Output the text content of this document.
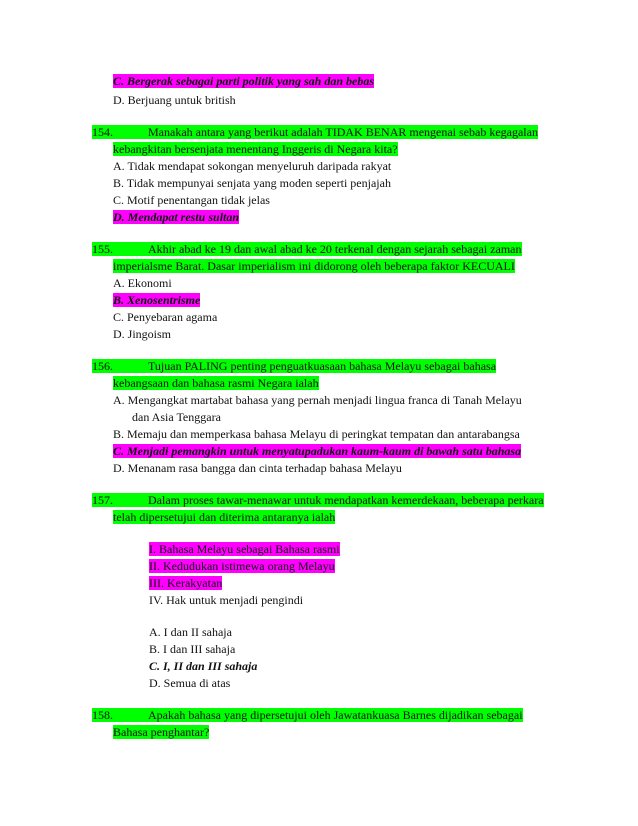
C. Bergerak sebagai parti politik yang sah dan bebas
D. Berjuang untuk british
154.	Manakah antara yang berikut adalah TIDAK BENAR mengenai sebab kegagalan
kebangkitan bersenjata menentang Inggeris di Negara kita?
A. Tidak mendapat sokongan menyeluruh daripada rakyat
B. Tidak mempunyai senjata yang moden seperti penjajah
C. Motif penentangan tidak jelas
D. Mendapat restu sultan
155.	Akhir abad ke 19 dan awal abad ke 20 terkenal dengan sejarah sebagai zaman
imperialsme Barat. Dasar imperialism ini didorong oleh beberapa faktor KECUALI
A. Ekonomi
B. Xenosentrisme
C. Penyebaran agama
D. Jingoism
156.	Tujuan PALING penting penguatkuasaan bahasa Melayu sebagai bahasa
kebangsaan dan bahasa rasmi Negara ialah
A. Mengangkat martabat bahasa yang pernah menjadi lingua franca di Tanah Melayu
dan Asia Tenggara
B. Memaju dan memperkasa bahasa Melayu di peringkat tempatan dan antarabangsa
C. Menjadi pemangkin untuk menyatupadukan kaum-kaum di bawah satu bahasa
D. Menanam rasa bangga dan cinta terhadap bahasa Melayu
157.	Dalam proses tawar-menawar untuk mendapatkan kemerdekaan, beberapa perkara
telah dipersetujui dan diterima antaranya ialah
I. Bahasa Melayu sebagai Bahasa rasmi
II. Kedudukan istimewa orang Melayu
III. Kerakyatan
IV. Hak untuk menjadi pengindi
A. I dan II sahaja
B. I dan III sahaja
C. I, II dan III sahaja
D. Semua di atas
158.	Apakah bahasa yang dipersetujui oleh Jawatankuasa Barnes dijadikan sebagai
Bahasa penghantar?
